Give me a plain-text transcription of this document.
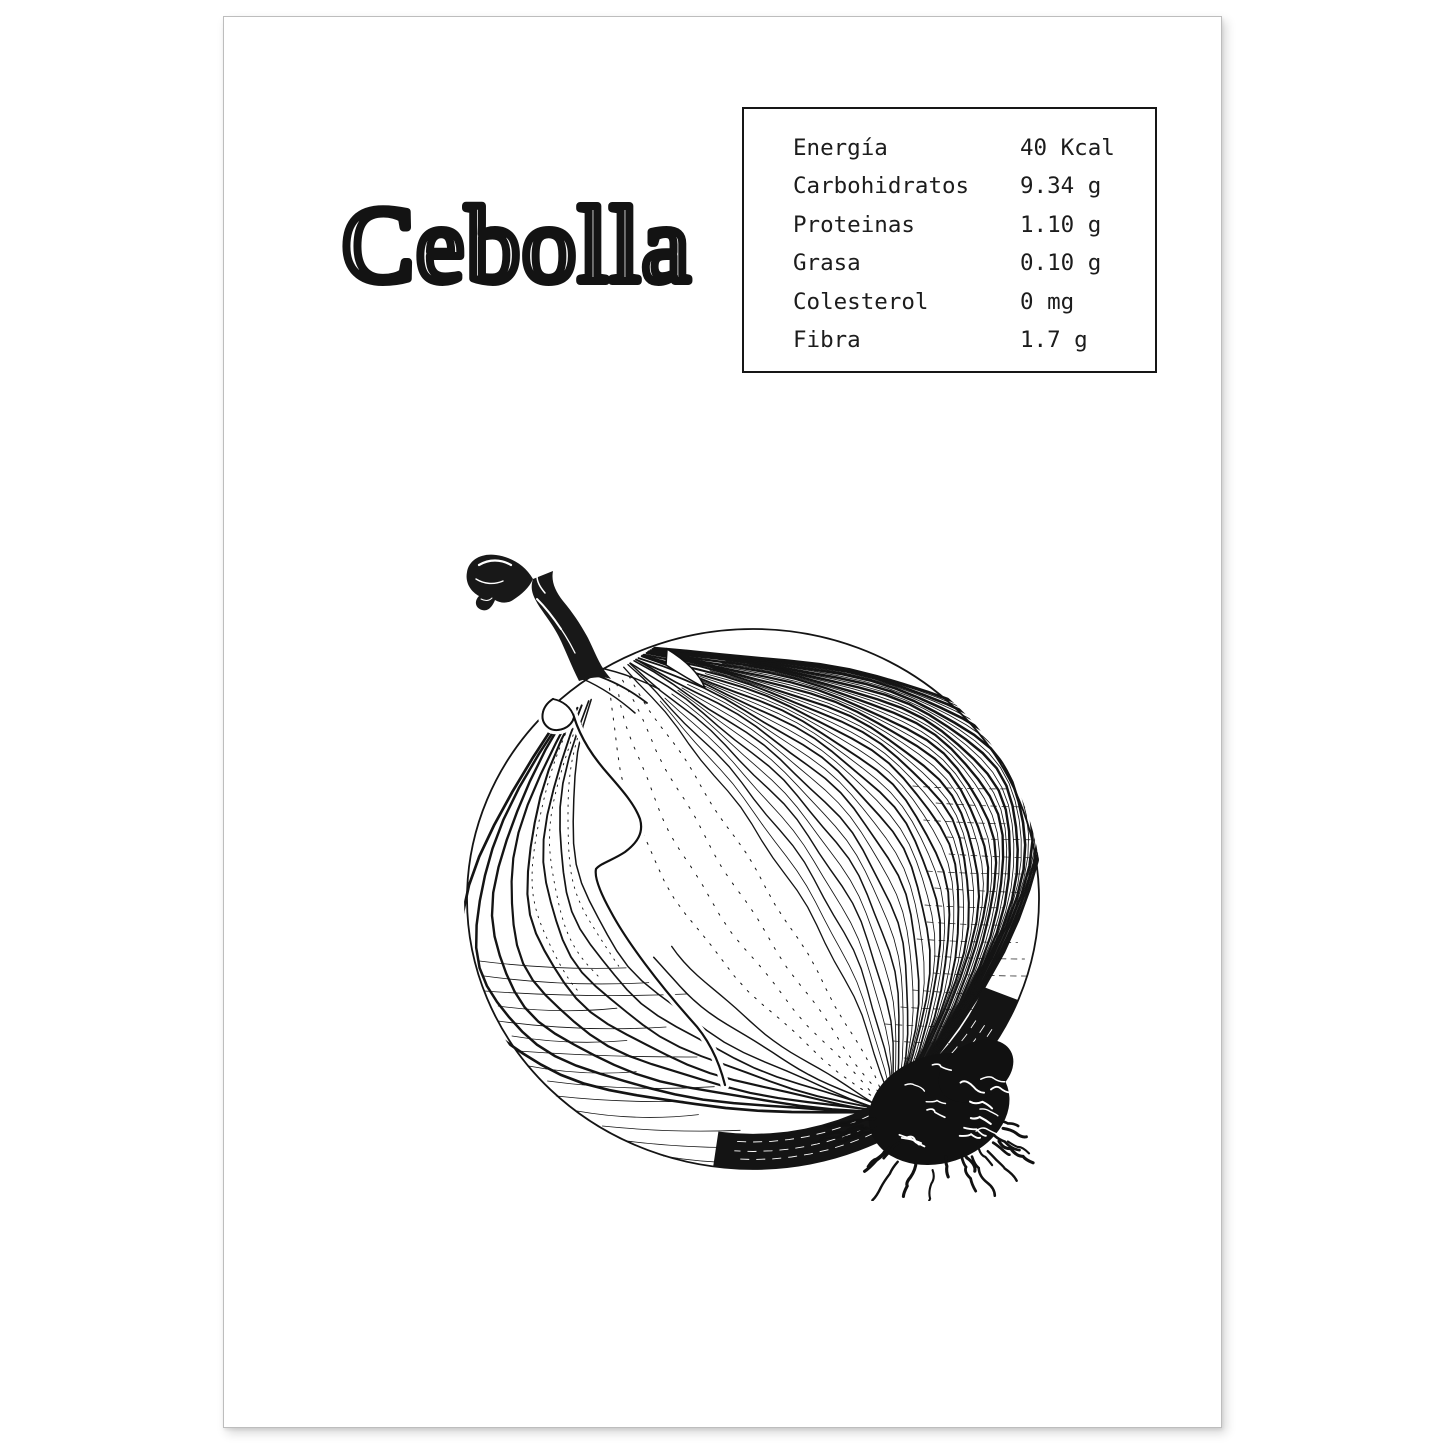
Cebolla
Energía	40 Kcal
Carbohidratos	9.34 g
Proteinas	1.10 g
Grasa	0.10 g
Colesterol	0 mg
Fibra	1.7 g
